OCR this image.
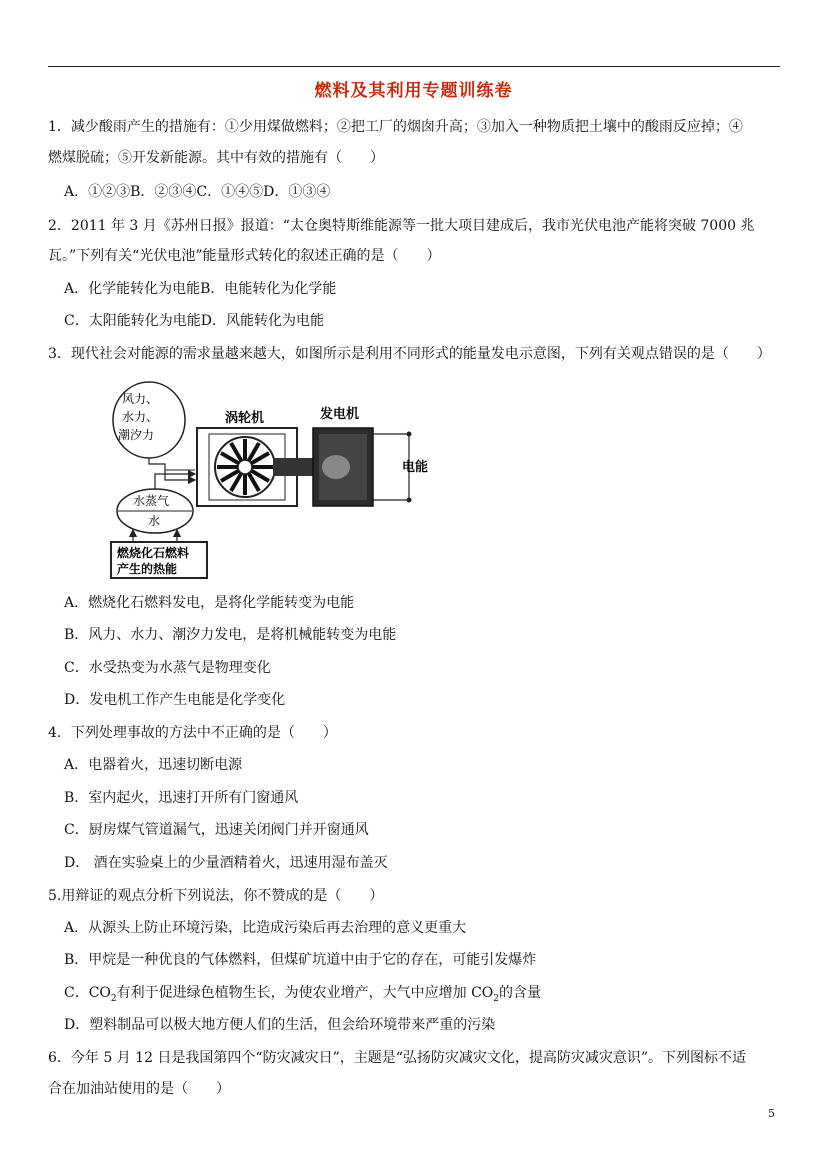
燃料及其利用专题训练卷
1．减少酸雨产生的措施有：①少用煤做燃料；②把工厂的烟囱升高；③加入一种物质把土壤中的酸雨反应掉；④
燃煤脱硫；⑤开发新能源。其中有效的措施有（　　）
A．①②③B．②③④C．①④⑤D．①③④
2．2011 年 3 月《苏州日报》报道：“太仓奥特斯维能源等一批大项目建成后，我市光伏电池产能将突破 7000 兆
瓦。”下列有关“光伏电池”能量形式转化的叙述正确的是（　　）
A．化学能转化为电能B．电能转化为化学能
C．太阳能转化为电能D．风能转化为电能
3．现代社会对能源的需求量越来越大，如图所示是利用不同形式的能量发电示意图，下列有关观点错误的是（　　）
风力、
水力、
潮汐力
涡轮机	发电机
电能
水蒸气
水
燃烧化石燃料
产生的热能
A．燃烧化石燃料发电，是将化学能转变为电能
B．风力、水力、潮汐力发电，是将机械能转变为电能
C．水受热变为水蒸气是物理变化
D．发电机工作产生电能是化学变化
4．下列处理事故的方法中不正确的是（　　）
A．电器着火，迅速切断电源
B．室内起火，迅速打开所有门窗通风
C．厨房煤气管道漏气，迅速关闭阀门并开窗通风
D． 酒在实验桌上的少量酒精着火，迅速用湿布盖灭
5.用辩证的观点分析下列说法，你不赞成的是（　　）
A．从源头上防止环境污染，比造成污染后再去治理的意义更重大
B．甲烷是一种优良的气体燃料，但煤矿坑道中由于它的存在，可能引发爆炸
C．$CO_2$有利于促进绿色植物生长，为使农业增产，大气中应增加 $CO_2$的含量
D．塑料制品可以极大地方便人们的生活，但会给环境带来严重的污染
6．今年 5 月 12 日是我国第四个“防灾减灾日”，主题是“弘扬防灾减灾文化，提高防灾减灾意识”。下列图标不适
合在加油站使用的是（　　）
5
